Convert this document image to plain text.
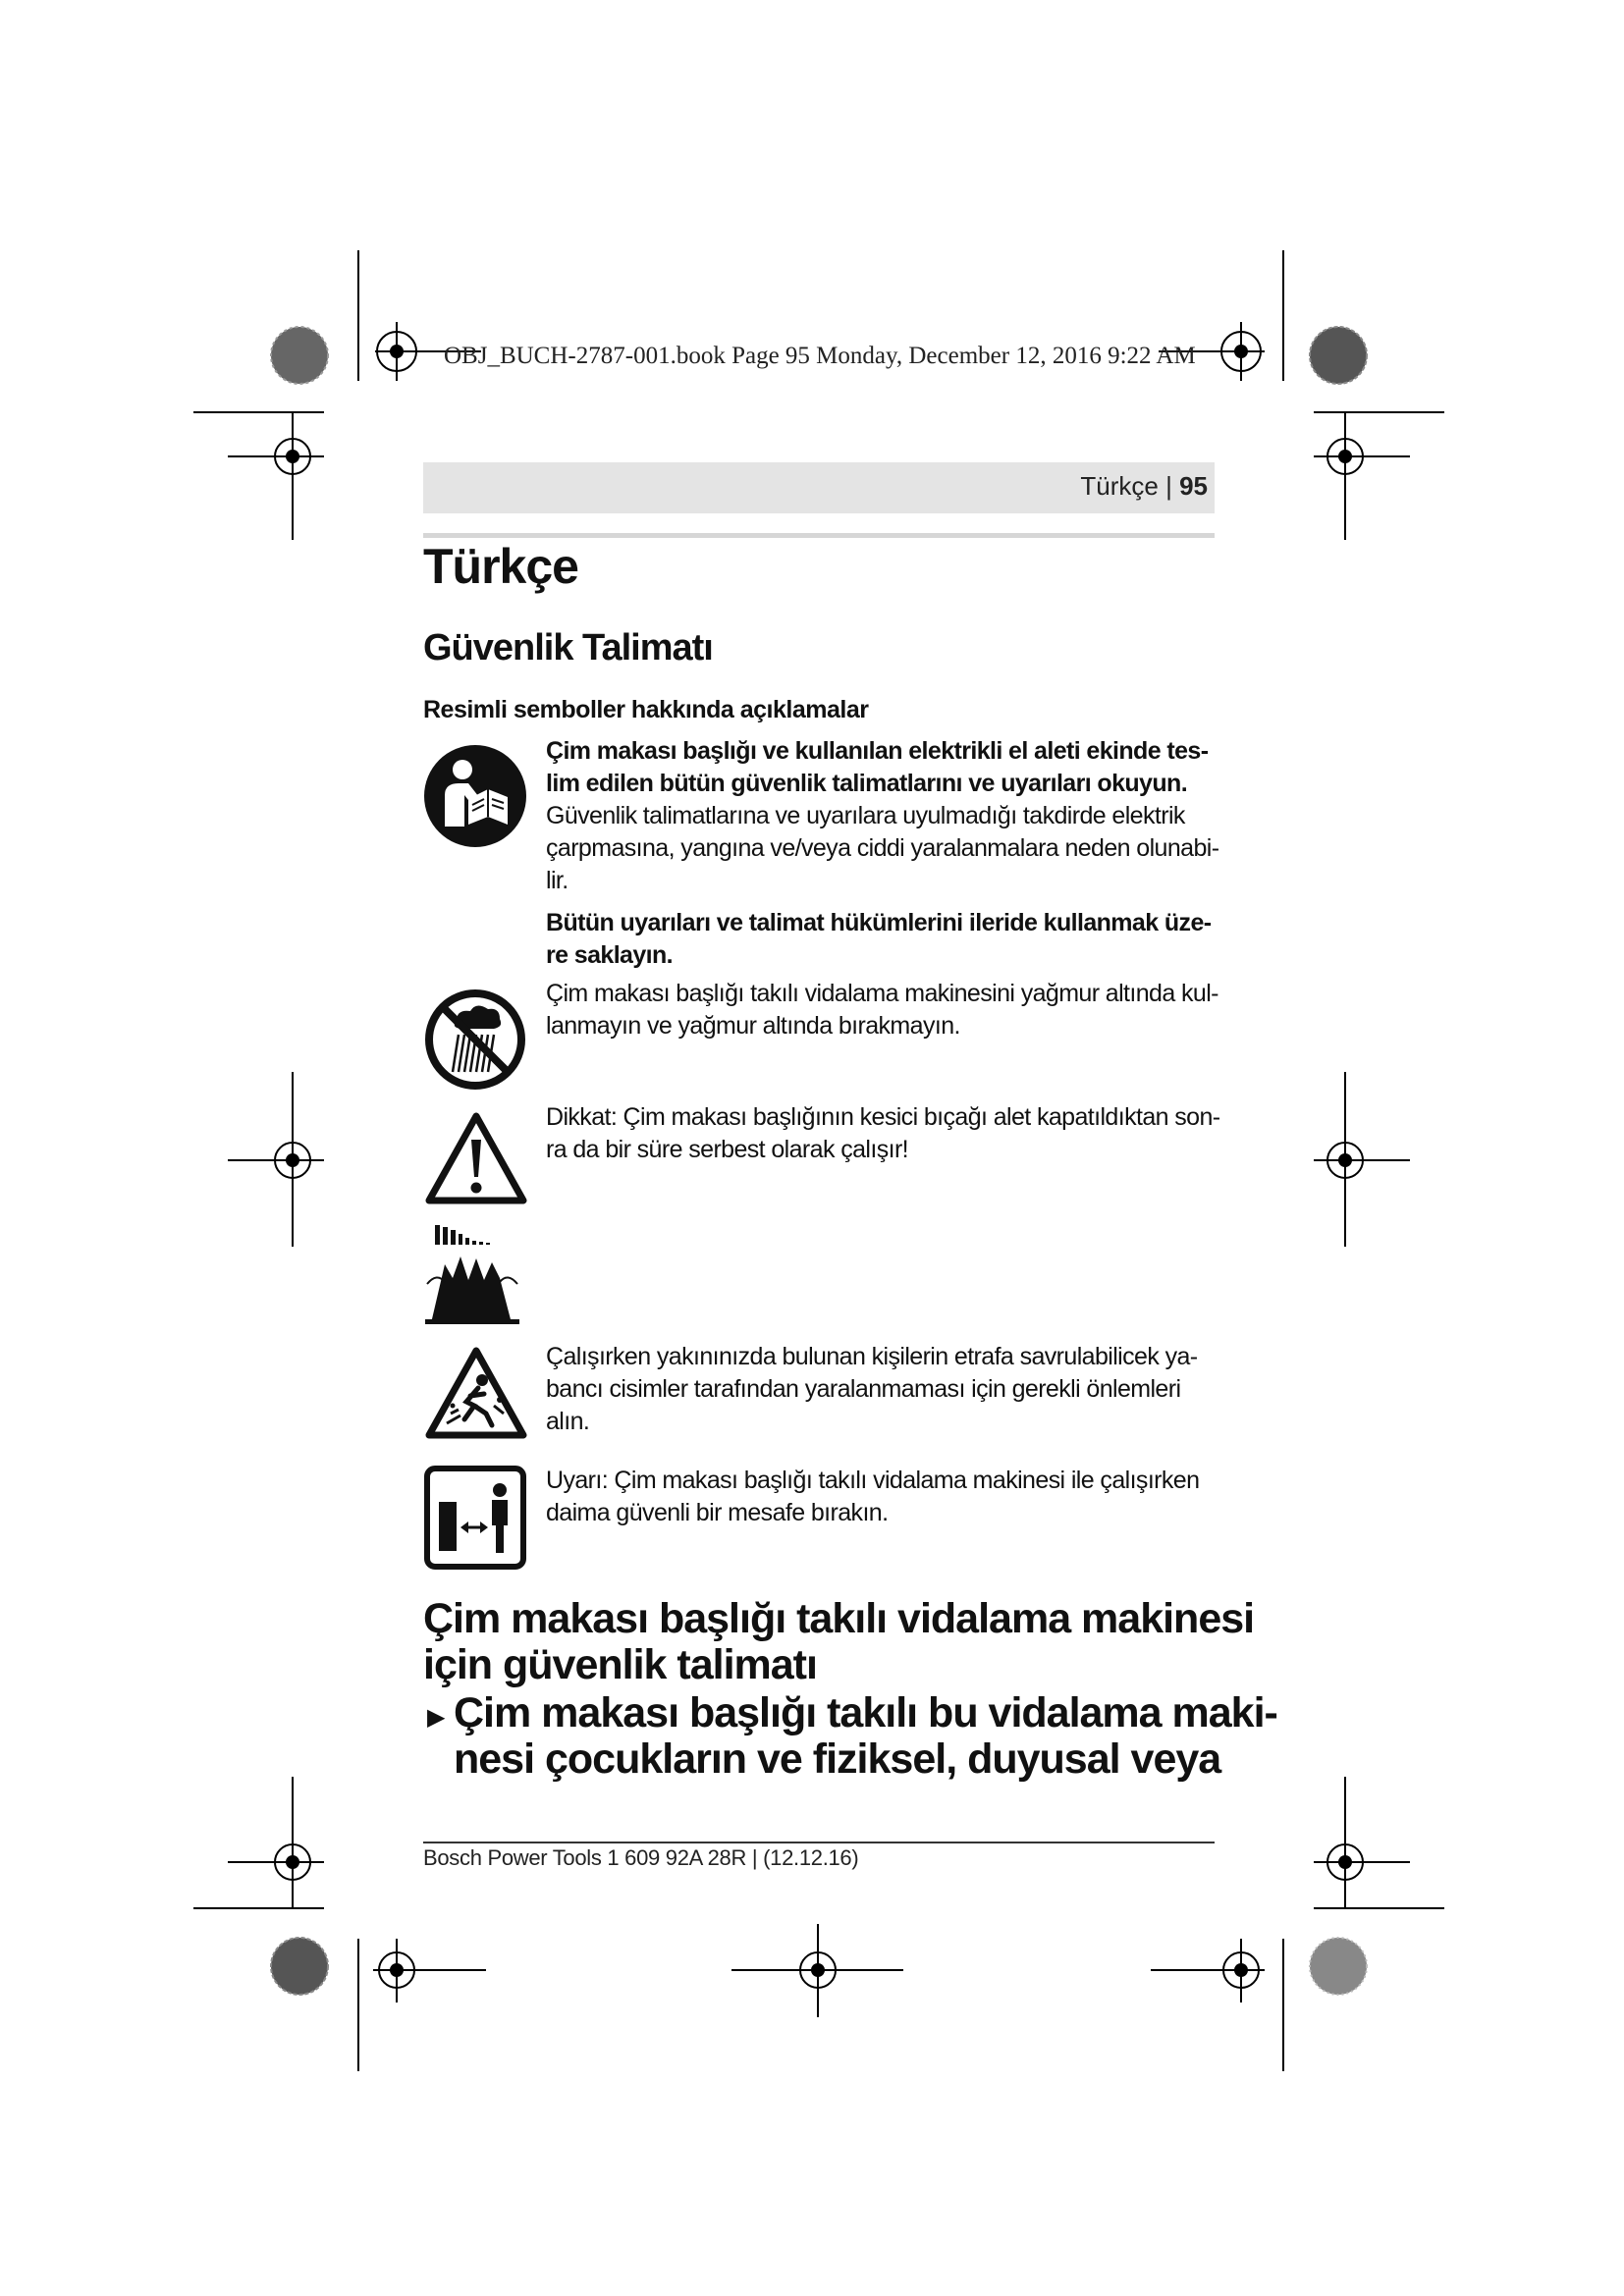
OBJ_BUCH-2787-001.book Page 95 Monday, December 12, 2016 9:22 AM
Türkçe | 95
Türkçe
Güvenlik Talimatı
Resimli semboller hakkında açıklamalar
Çim makası başlığı ve kullanılan elektrikli el aleti ekinde tes-
lim edilen bütün güvenlik talimatlarını ve uyarıları okuyun.
Güvenlik talimatlarına ve uyarılara uyulmadığı takdirde elektrik
çarpmasına, yangına ve/veya ciddi yaralanmalara neden olunabi-
lir.
Bütün uyarıları ve talimat hükümlerini ileride kullanmak üze-
re saklayın.
Çim makası başlığı takılı vidalama makinesini yağmur altında kul-
lanmayın ve yağmur altında bırakmayın.
Dikkat: Çim makası başlığının kesici bıçağı alet kapatıldıktan son-
ra da bir süre serbest olarak çalışır!
Çalışırken yakınınızda bulunan kişilerin etrafa savrulabilicek ya-
bancı cisimler tarafından yaralanmaması için gerekli önlemleri
alın.
Uyarı: Çim makası başlığı takılı vidalama makinesi ile çalışırken
daima güvenli bir mesafe bırakın.
Çim makası başlığı takılı vidalama makinesi
için güvenlik talimatı
▶ Çim makası başlığı takılı bu vidalama maki-
nesi çocukların ve fiziksel, duyusal veya
Bosch Power Tools 1 609 92A 28R | (12.12.16)
